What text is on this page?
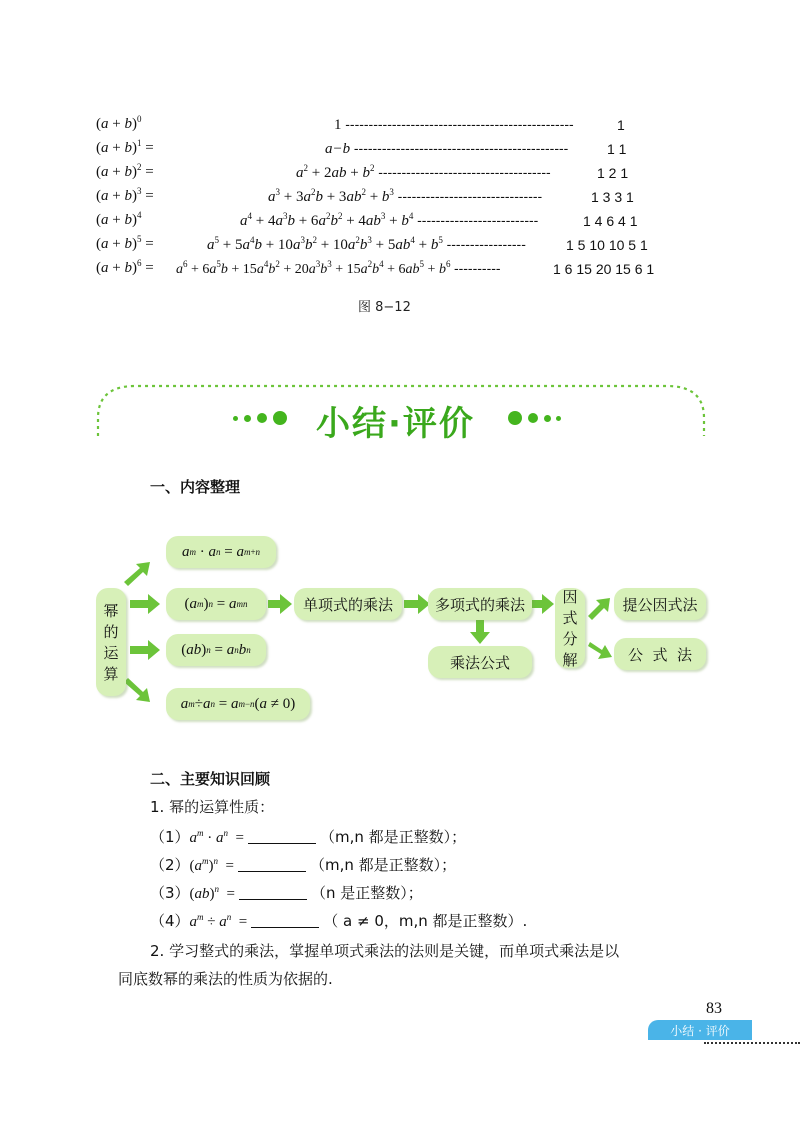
$(a + b)^0$	1 -------------------------------------------------	1
$(a + b)^1$ =	a−b ----------------------------------------------	1 1
$(a + b)^2$ =	$a^2 + 2ab + b^2$ -------------------------------------	1 2 1
$(a + b)^3$ =	$a^3 + 3a^2b + 3ab^2 + b^3$ -------------------------------	1 3 3 1
$(a + b)^4$	$a^4 + 4a^3b + 6a^2b^2 + 4ab^3 + b^4$ --------------------------	1 4 6 4 1
$(a + b)^5$ =	$a^5 + 5a^4b + 10a^3b^2 + 10a^2b^3 + 5ab^4 + b^5$ -----------------	1 5 10 10 5 1
$(a + b)^6 = a^6 + 6a^5b + 15a^4b^2 + 20a^3b^3 + 15a^2b^4 + 6ab^5 + b^6$ ----------	1 6 15 20 15 6 1
图 8−12
小结·评价
一、内容整理
幂
的
运
算
a m · a n = a m+n
( a m ) n = a mn
( ab ) n = a n b n
a m ÷ a n = a m−n ( a ≠ 0)
单项式的乘法	多项式的乘法
乘法公式
因
式
分
解
提公因式法
公  式  法
二、主要知识回顾
1. 幂的运算性质：
$(1)a^m \cdot a^n$  =	（m,n 都是正整数）；
$(2)(a^m)^n$  =	（m,n 都是正整数）；
（3）(ab)$^n$  =	（n 是正整数）；
$(4)a^m \div a^n$  =	（ a ≠ 0，m,n 都是正整数）.
2. 学习整式的乘法，掌握单项式乘法的法则是关键，而单项式乘法是以
同底数幂的乘法的性质为依据的.
83
小结 · 评价
